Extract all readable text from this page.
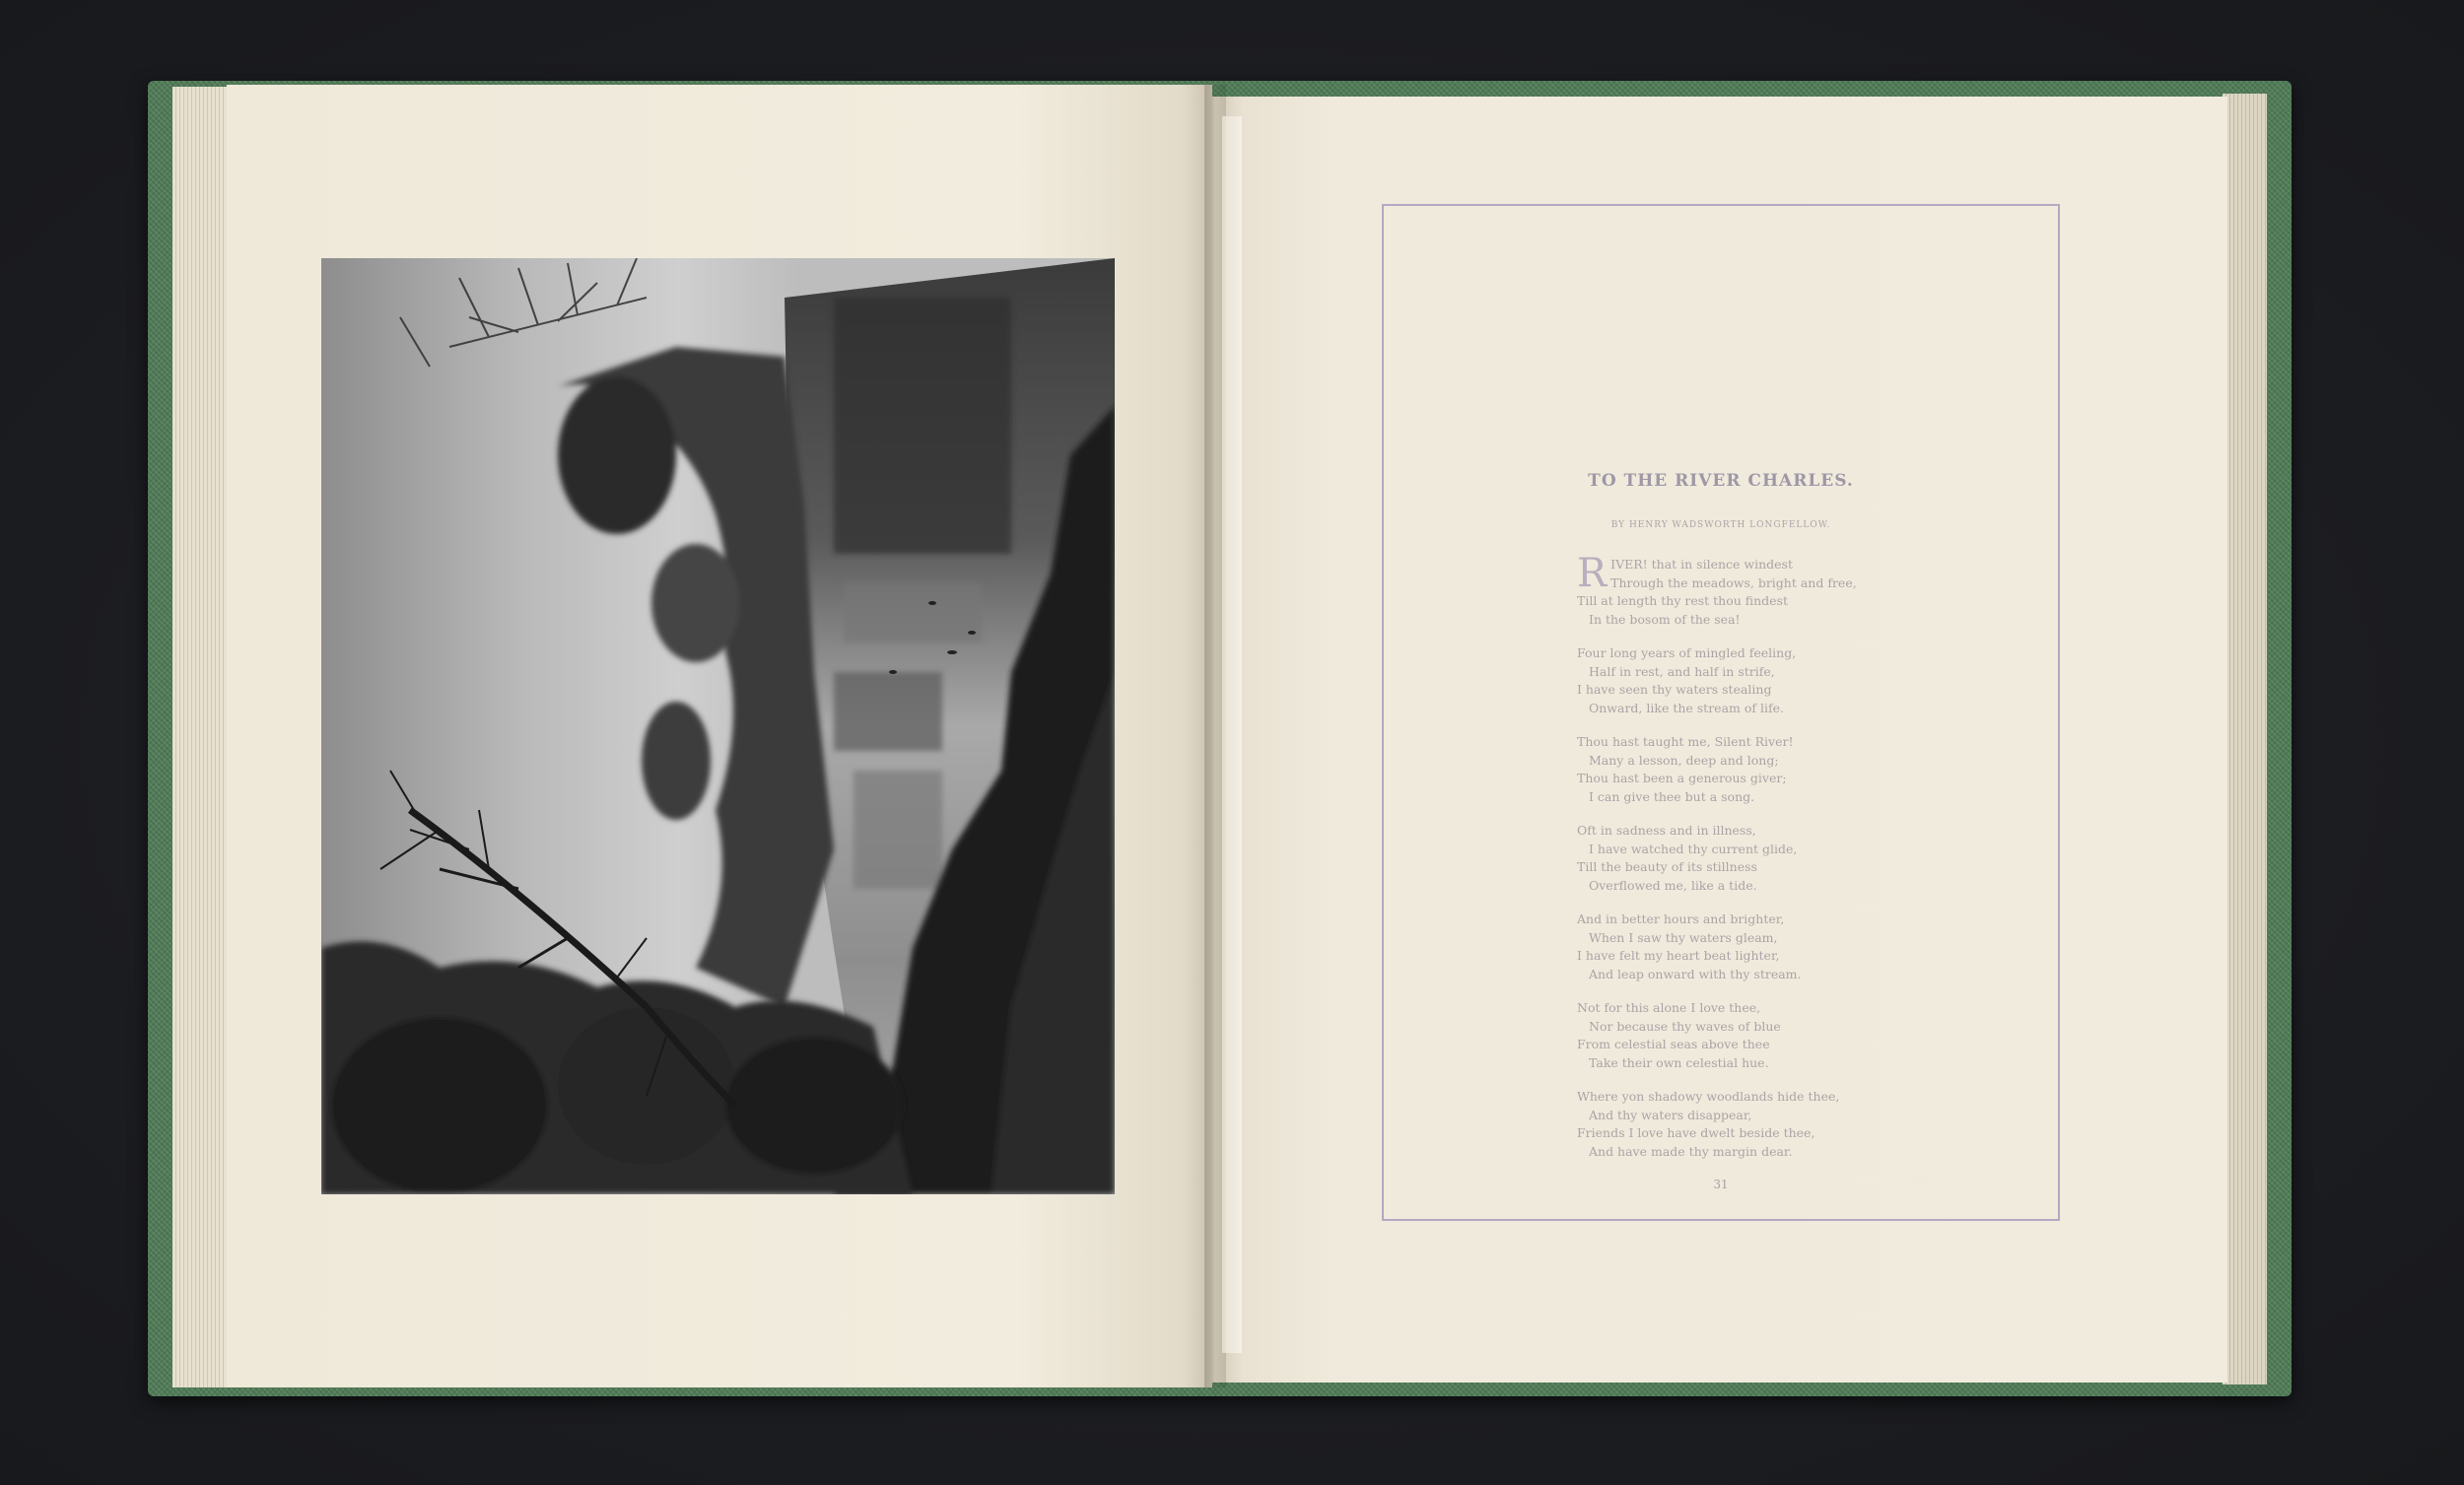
TO THE RIVER CHARLES.
BY HENRY WADSWORTH LONGFELLOW.
R IVER! that in silence windest
Through the meadows, bright and free,
Till at length thy rest thou findest
In the bosom of the sea!
Four long years of mingled feeling,
Half in rest, and half in strife,
I have seen thy waters stealing
Onward, like the stream of life.
Thou hast taught me, Silent River!
Many a lesson, deep and long;
Thou hast been a generous giver;
I can give thee but a song.
Oft in sadness and in illness,
I have watched thy current glide,
Till the beauty of its stillness
Overflowed me, like a tide.
And in better hours and brighter,
When I saw thy waters gleam,
I have felt my heart beat lighter,
And leap onward with thy stream.
Not for this alone I love thee,
Nor because thy waves of blue
From celestial seas above thee
Take their own celestial hue.
Where yon shadowy woodlands hide thee,
And thy waters disappear,
Friends I love have dwelt beside thee,
And have made thy margin dear.
31
